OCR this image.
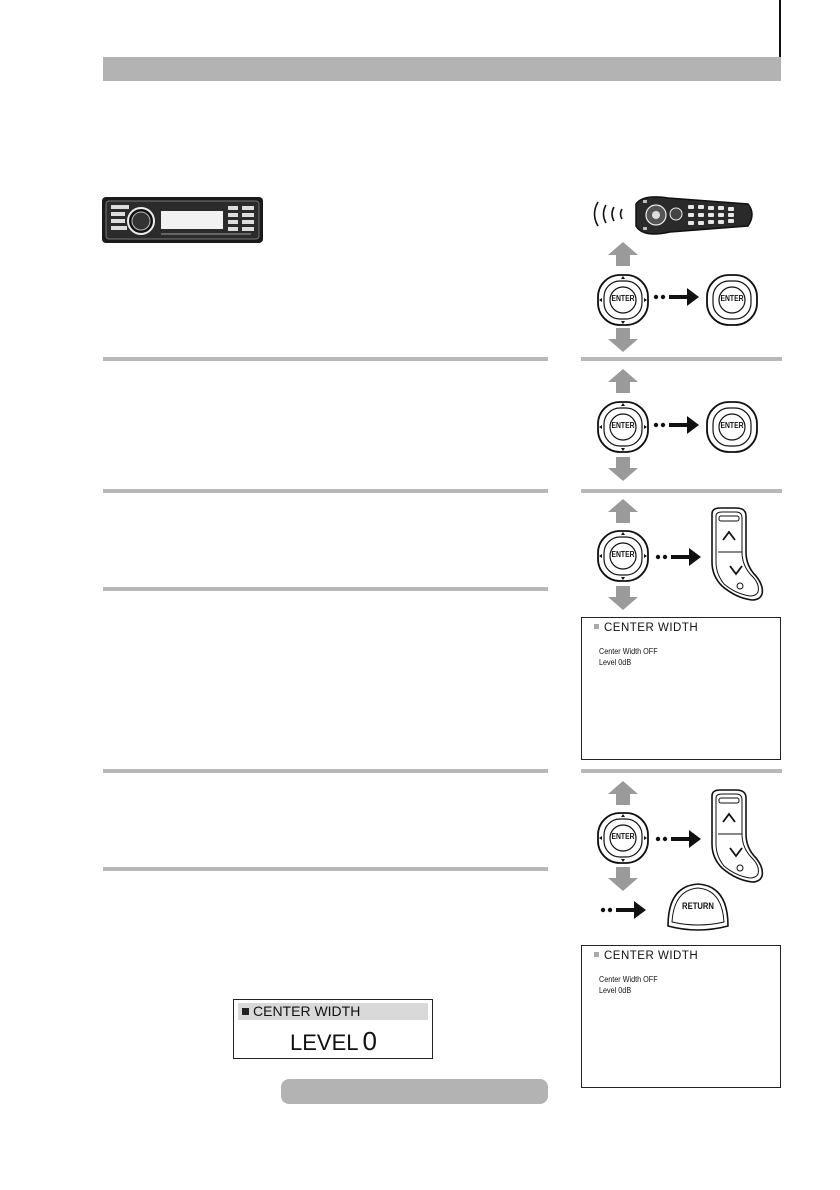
ENTER	ENTER
ENTER	ENTER
ENTER
CENTER WIDTH
Center Width OFF
Level 0dB
ENTER
RETURN
CENTER WIDTH
Center Width OFF
Level 0dB
CENTER WIDTH
LEVEL 0
